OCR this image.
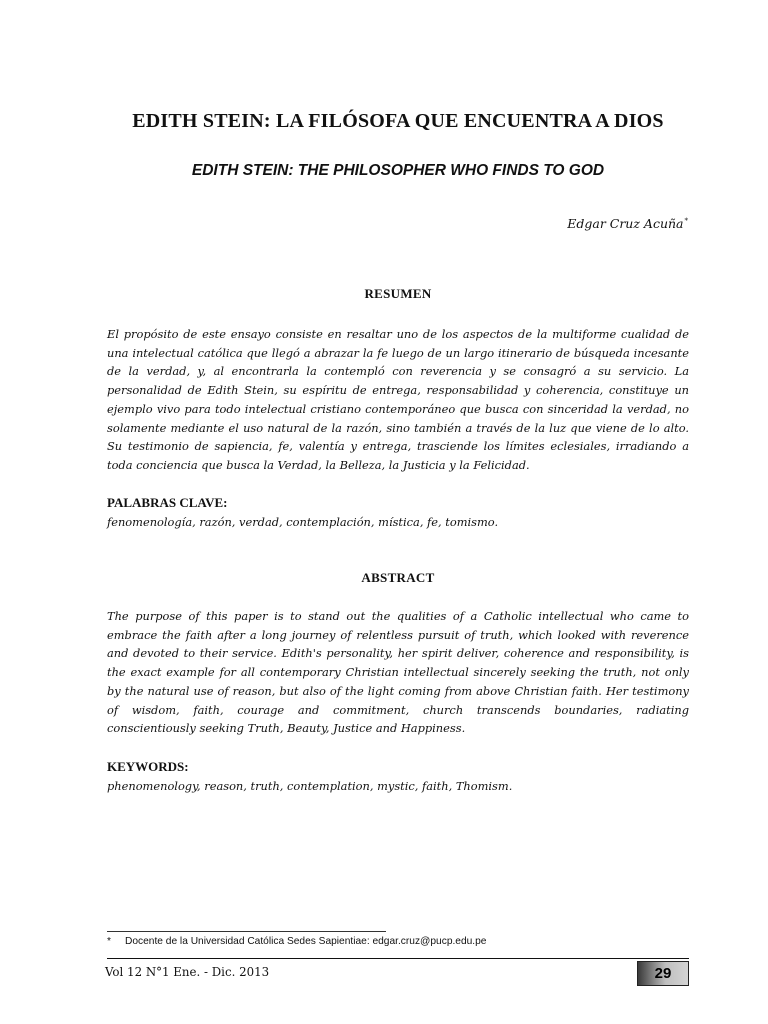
EDITH STEIN: LA FILÓSOFA QUE ENCUENTRA A DIOS
EDITH STEIN: THE PHILOSOPHER WHO FINDS TO GOD
Edgar Cruz Acuña*
RESUMEN
El propósito de este ensayo consiste en resaltar uno de los aspectos de la multiforme cualidad de una intelectual católica que llegó a abrazar la fe luego de un largo itinerario de búsqueda incesante de la verdad, y, al encontrarla la contempló con reverencia y se consagró a su servicio. La personalidad de Edith Stein, su espíritu de entrega, responsabilidad y coherencia, constituye un ejemplo vivo para todo intelectual cristiano contemporáneo que busca con sinceridad la verdad, no solamente mediante el uso natural de la razón, sino también a través de la luz que viene de lo alto. Su testimonio de sapiencia, fe, valentía y entrega, trasciende los límites eclesiales, irradiando a toda conciencia que busca la Verdad, la Belleza, la Justicia y la Felicidad.
PALABRAS CLAVE:
fenomenología, razón, verdad, contemplación, mística, fe, tomismo.
ABSTRACT
The purpose of this paper is to stand out the qualities of a Catholic intellectual who came to embrace the faith after a long journey of relentless pursuit of truth, which looked with reverence and devoted to their service. Edith's personality, her spirit deliver, coherence and responsibility, is the exact example for all contemporary Christian intellectual sincerely seeking the truth, not only by the natural use of reason, but also of the light coming from above Christian faith. Her testimony of wisdom, faith, courage and commitment, church transcends boundaries, radiating conscientiously seeking Truth, Beauty, Justice and Happiness.
KEYWORDS:
phenomenology, reason, truth, contemplation, mystic, faith, Thomism.
* Docente de la Universidad Católica Sedes Sapientiae: edgar.cruz@pucp.edu.pe
Vol 12 N°1 Ene. - Dic. 2013	29
